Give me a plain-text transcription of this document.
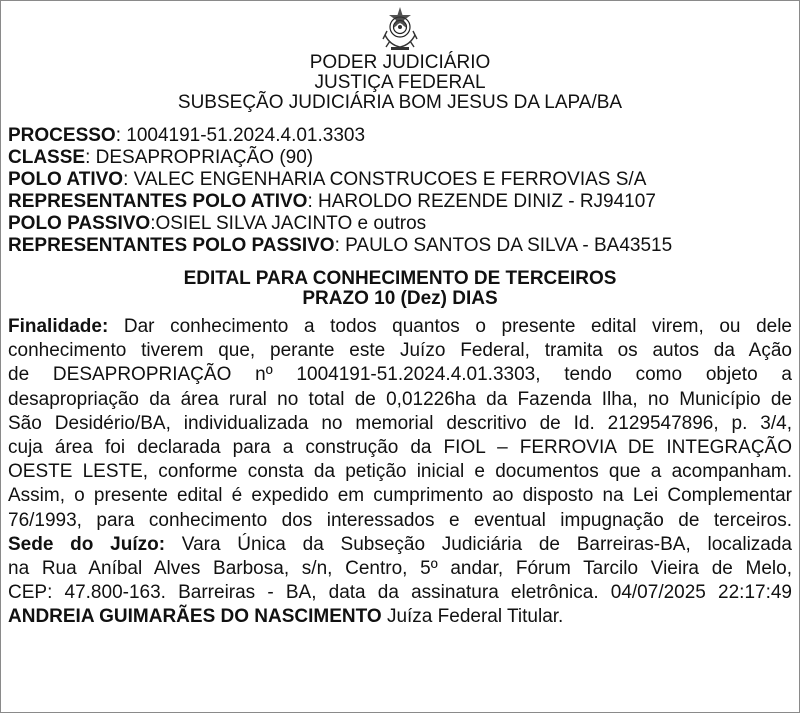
PODER JUDICIÁRIO
JUSTIÇA FEDERAL
SUBSEÇÃO JUDICIÁRIA BOM JESUS DA LAPA/BA
PROCESSO: 1004191-51.2024.4.01.3303
CLASSE: DESAPROPRIAÇÃO (90)
POLO ATIVO: VALEC ENGENHARIA CONSTRUCOES E FERROVIAS S/A
REPRESENTANTES POLO ATIVO: HAROLDO REZENDE DINIZ - RJ94107
POLO PASSIVO:OSIEL SILVA JACINTO e outros
REPRESENTANTES POLO PASSIVO: PAULO SANTOS DA SILVA - BA43515
EDITAL PARA CONHECIMENTO DE TERCEIROS
PRAZO 10 (Dez) DIAS
Finalidade: Dar conhecimento a todos quantos o presente edital virem, ou dele
conhecimento tiverem que, perante este Juízo Federal, tramita os autos da Ação
de DESAPROPRIAÇÃO nº 1004191-51.2024.4.01.3303, tendo como objeto a
desapropriação da área rural no total de 0,01226ha da Fazenda Ilha, no Município de
São Desidério/BA, individualizada no memorial descritivo de Id. 2129547896, p. 3/4,
cuja área foi declarada para a construção da FIOL – FERROVIA DE INTEGRAÇÃO
OESTE LESTE, conforme consta da petição inicial e documentos que a acompanham.
Assim, o presente edital é expedido em cumprimento ao disposto na Lei Complementar
76/1993, para conhecimento dos interessados e eventual impugnação de terceiros.
Sede do Juízo: Vara Única da Subseção Judiciária de Barreiras-BA, localizada
na Rua Aníbal Alves Barbosa, s/n, Centro, 5º andar, Fórum Tarcilo Vieira de Melo,
CEP: 47.800-163. Barreiras - BA, data da assinatura eletrônica. 04/07/2025 22:17:49
ANDREIA GUIMARÃES DO NASCIMENTO Juíza Federal Titular.
